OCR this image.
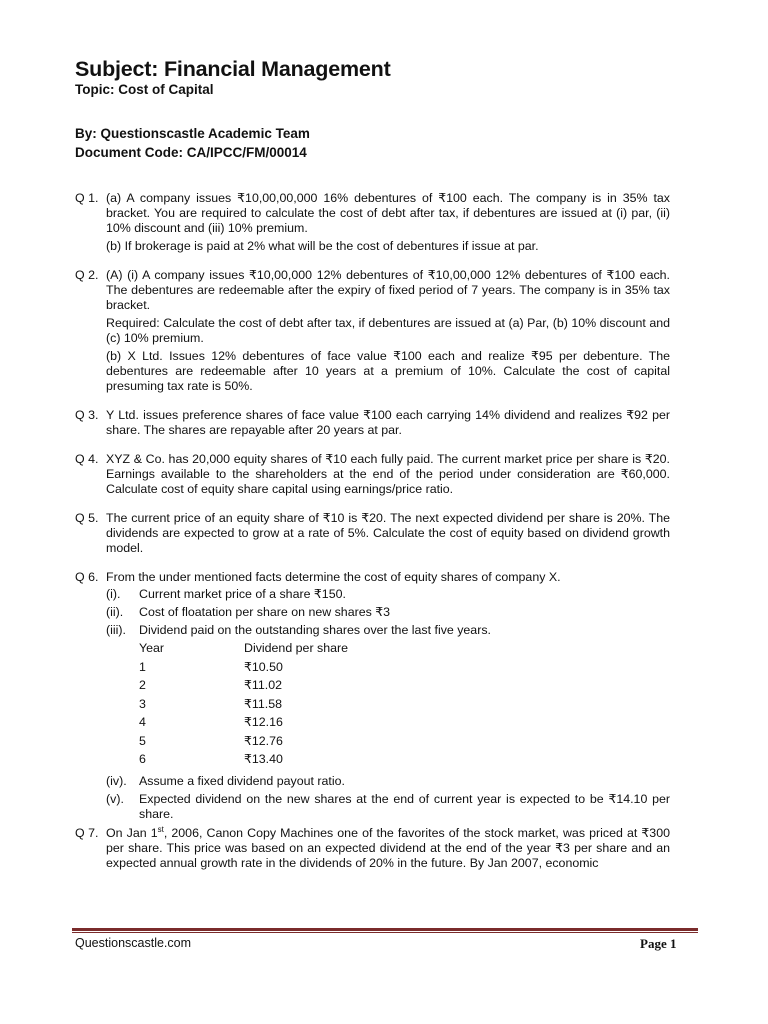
Subject: Financial Management
Topic: Cost of Capital
By: Questionscastle Academic Team
Document Code: CA/IPCC/FM/00014
Q 1. (a) A company issues ₹10,00,00,000 16% debentures of ₹100 each. The company is in 35% tax bracket. You are required to calculate the cost of debt after tax, if debentures are issued at (i) par, (ii) 10% discount and (iii) 10% premium.

(b) If brokerage is paid at 2% what will be the cost of debentures if issue at par.

Q 2. (A) (i) A company issues ₹10,00,000 12% debentures of ₹10,00,000 12% debentures of ₹100 each. The debentures are redeemable after the expiry of fixed period of 7 years. The company is in 35% tax bracket.

Required: Calculate the cost of debt after tax, if debentures are issued at (a) Par, (b) 10% discount and (c) 10% premium.

(b) X Ltd. Issues 12% debentures of face value ₹100 each and realize ₹95 per debenture. The debentures are redeemable after 10 years at a premium of 10%. Calculate the cost of capital presuming tax rate is 50%.

Q 3. Y Ltd. issues preference shares of face value ₹100 each carrying 14% dividend and realizes ₹92 per share. The shares are repayable after 20 years at par.

Q 4. XYZ & Co. has 20,000 equity shares of ₹10 each fully paid. The current market price per share is ₹20. Earnings available to the shareholders at the end of the period under consideration are ₹60,000. Calculate cost of equity share capital using earnings/price ratio.

Q 5. The current price of an equity share of ₹10 is ₹20. The next expected dividend per share is 20%. The dividends are expected to grow at a rate of 5%. Calculate the cost of equity based on dividend growth model.

Q 6. From the under mentioned facts determine the cost of equity shares of company X.

(i).	Current market price of a share ₹150.
(ii).	Cost of floatation per share on new shares ₹3
(iii).	Dividend paid on the outstanding shares over the last five years.
Year	Dividend per share
1	₹10.50
2	₹11.02
3	₹11.58
4	₹12.16
5	₹12.76
6	₹13.40
(iv). Assume a fixed dividend payout ratio.
(v).	Expected dividend on the new shares at the end of current year is expected to be ₹14.10 per share.
Q 7. On Jan 1st, 2006, Canon Copy Machines one of the favorites of the stock market, was priced at ₹300 per share. This price was based on an expected dividend at the end of the year ₹3 per share and an expected annual growth rate in the dividends of 20% in the future. By Jan 2007, economic

Questionscastle.com	Page 1
